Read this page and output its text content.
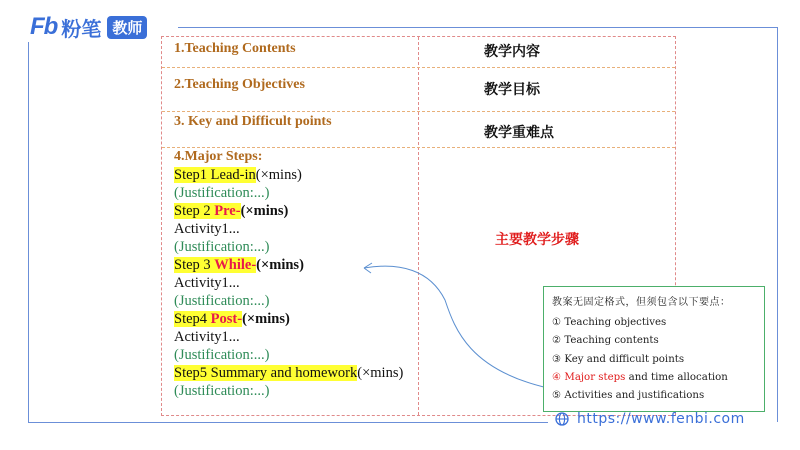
Fb 粉笔 教师
1.Teaching Contents	教学内容
2.Teaching Objectives	教学目标
3. Key and Difficult points
教学重难点
4.Major Steps:
Step1 Lead-in(×mins)
(Justification:...)
Step 2 Pre-(×mins)
Activity1...
(Justification:...)
Step 3 While-(×mins)
Activity1...
(Justification:...)
Step4 Post-(×mins)
Activity1...
(Justification:...)
Step5 Summary and homework(×mins)
(Justification:...)
主要教学步骤
教案无固定格式，但须包含以下要点：
① Teaching objectives
② Teaching contents
③ Key and difficult points
④ Major steps and time allocation
⑤ Activities and justifications
https://www.fenbi.com
